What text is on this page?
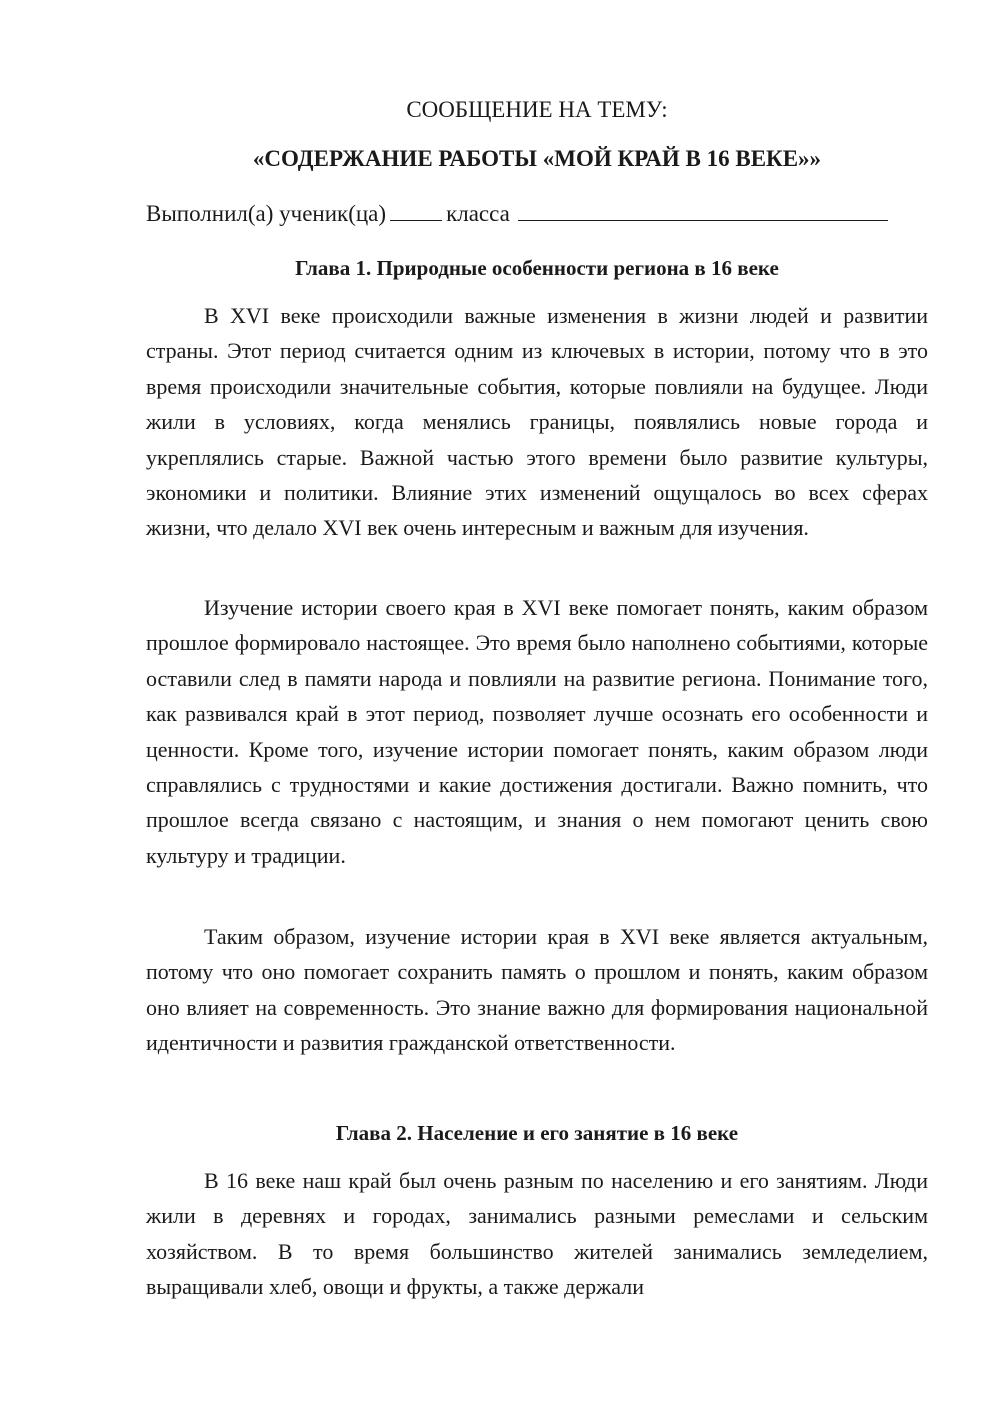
СООБЩЕНИЕ НА ТЕМУ:
«СОДЕРЖАНИЕ РАБОТЫ «МОЙ КРАЙ В 16 ВЕКЕ»»
Выполнил(а) ученик(ца)	класса
Глава 1. Природные особенности региона в 16 веке

В XVI веке происходили важные изменения в жизни людей и развитии страны. Этот период считается одним из ключевых в истории, потому что в это время происходили значительные события, которые повлияли на будущее. Люди жили в условиях, когда менялись границы, появлялись новые города и укреплялись старые. Важной частью этого времени было развитие культуры, экономики и политики. Влияние этих изменений ощущалось во всех сферах жизни, что делало XVI век очень интересным и важным для изучения.

Изучение истории своего края в XVI веке помогает понять, каким образом прошлое формировало настоящее. Это время было наполнено событиями, которые оставили след в памяти народа и повлияли на развитие региона. Понимание того, как развивался край в этот период, позволяет лучше осознать его особенности и ценности. Кроме того, изучение истории помогает понять, каким образом люди справлялись с трудностями и какие достижения достигали. Важно помнить, что прошлое всегда связано с настоящим, и знания о нем помогают ценить свою культуру и традиции.

Таким образом, изучение истории края в XVI веке является актуальным, потому что оно помогает сохранить память о прошлом и понять, каким образом оно влияет на современность. Это знание важно для формирования национальной идентичности и развития гражданской ответственности.

Глава 2. Население и его занятие в 16 веке

В 16 веке наш край был очень разным по населению и его занятиям. Люди жили в деревнях и городах, занимались разными ремеслами и сельским хозяйством. В то время большинство жителей занимались земледелием, выращивали хлеб, овощи и фрукты, а также держали
